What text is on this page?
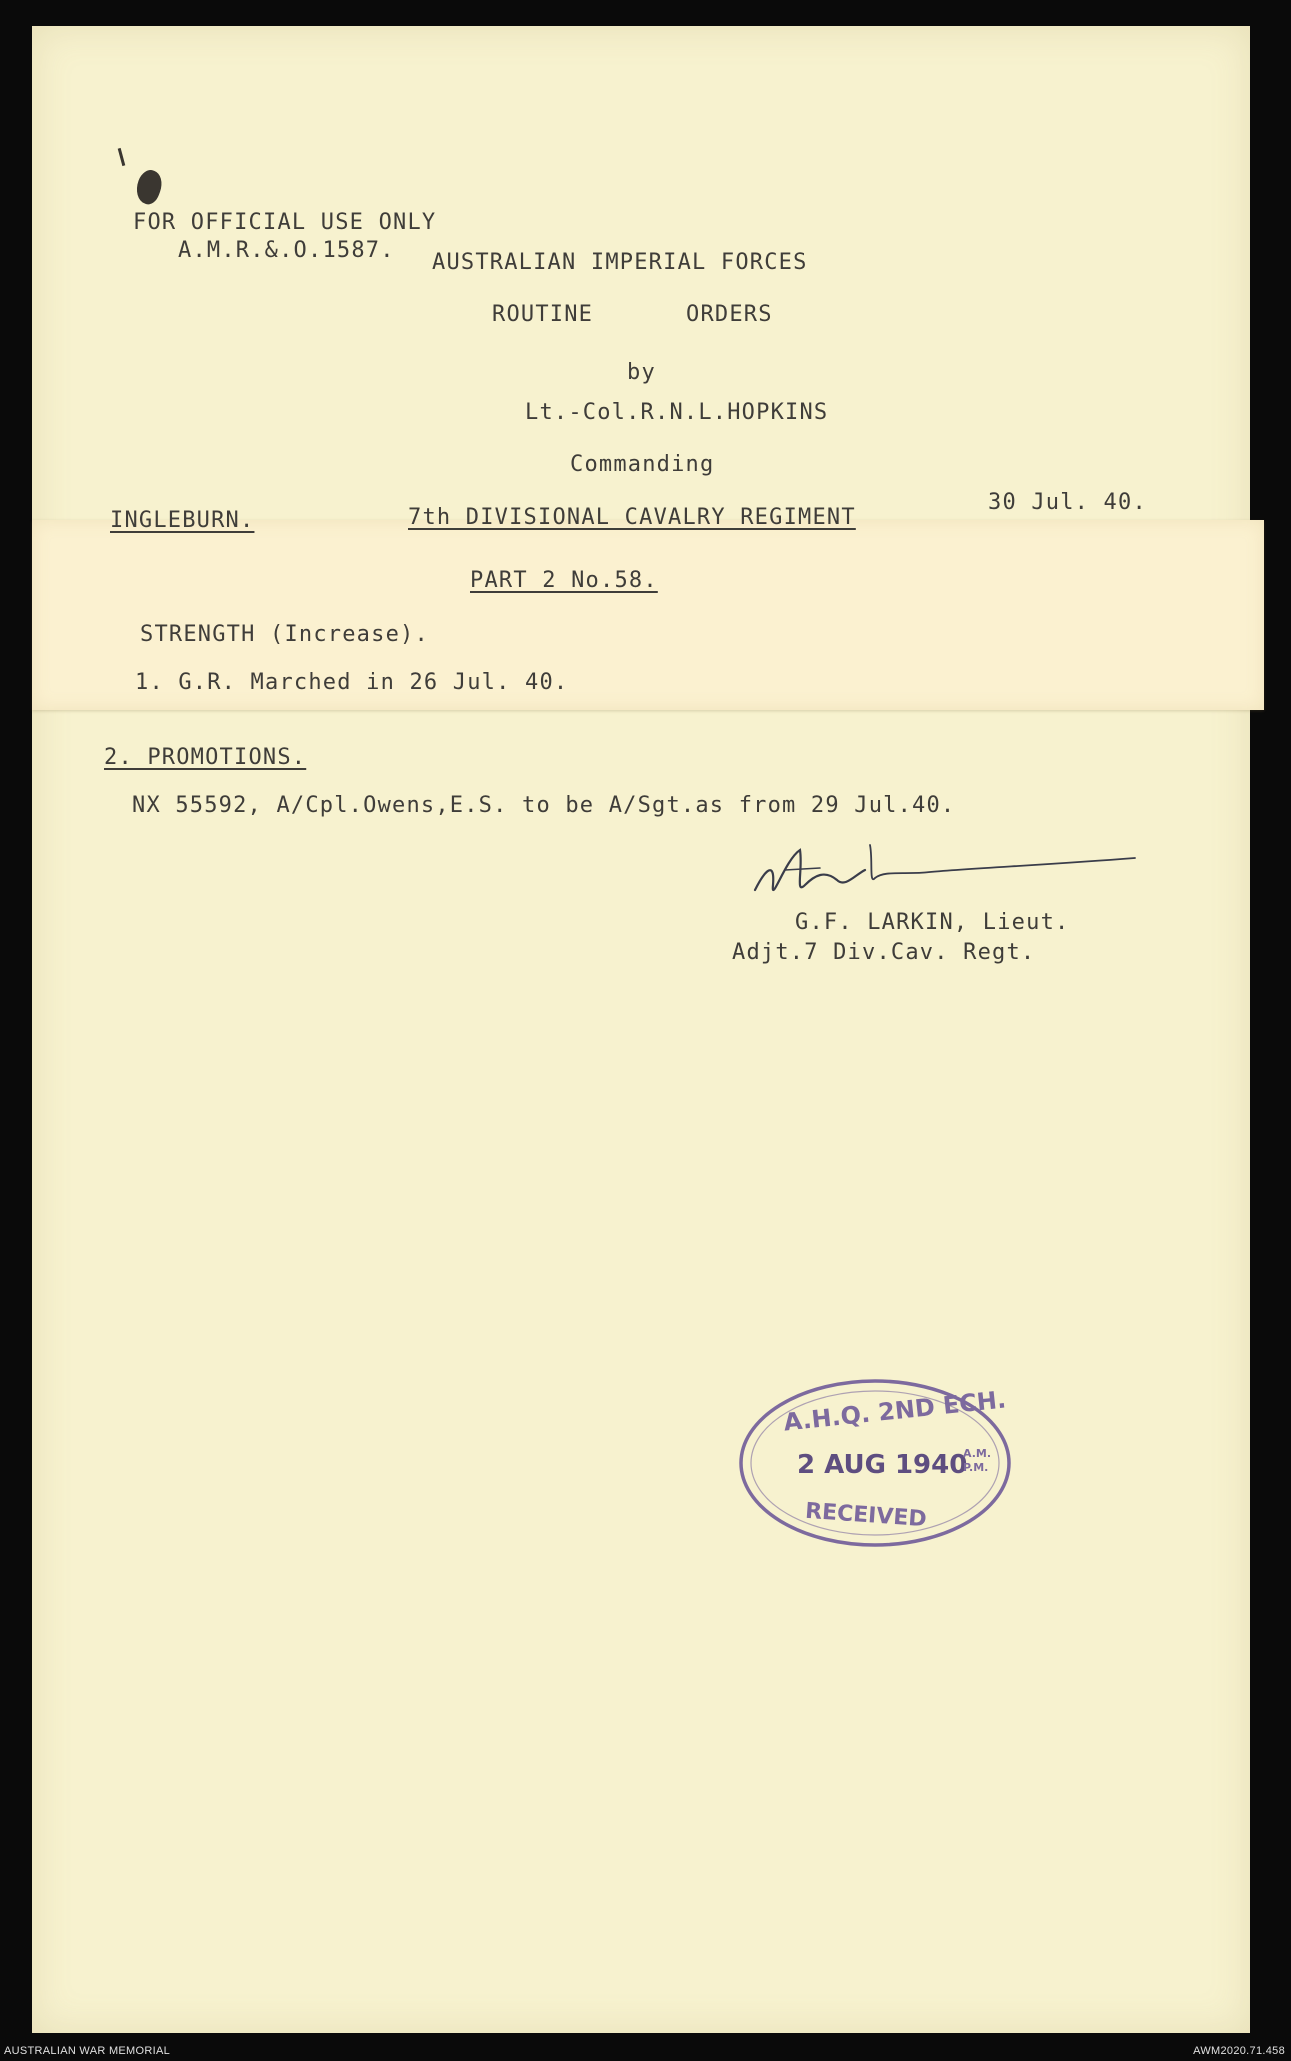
FOR OFFICIAL USE ONLY
A.M.R.&.O.1587. AUSTRALIAN IMPERIAL FORCES
ROUTINE	ORDERS
by
Lt.-Col.R.N.L.HOPKINS
Commanding
INGLEBURN.	7th DIVISIONAL CAVALRY REGIMENT
30 Jul. 40.
PART 2 No.58.
STRENGTH (Increase).
1. G.R. Marched in 26 Jul. 40.
2. PROMOTIONS.
NX 55592, A/Cpl.Owens,E.S. to be A/Sgt.as from 29 Jul.40.
G.F. LARKIN, Lieut.
Adjt.7 Div.Cav. Regt.
A.H.Q. 2ND ECH.
2 AUG 1940
A.M.
P.M.
RECEIVED
AUSTRALIAN WAR MEMORIAL	AWM2020.71.458
